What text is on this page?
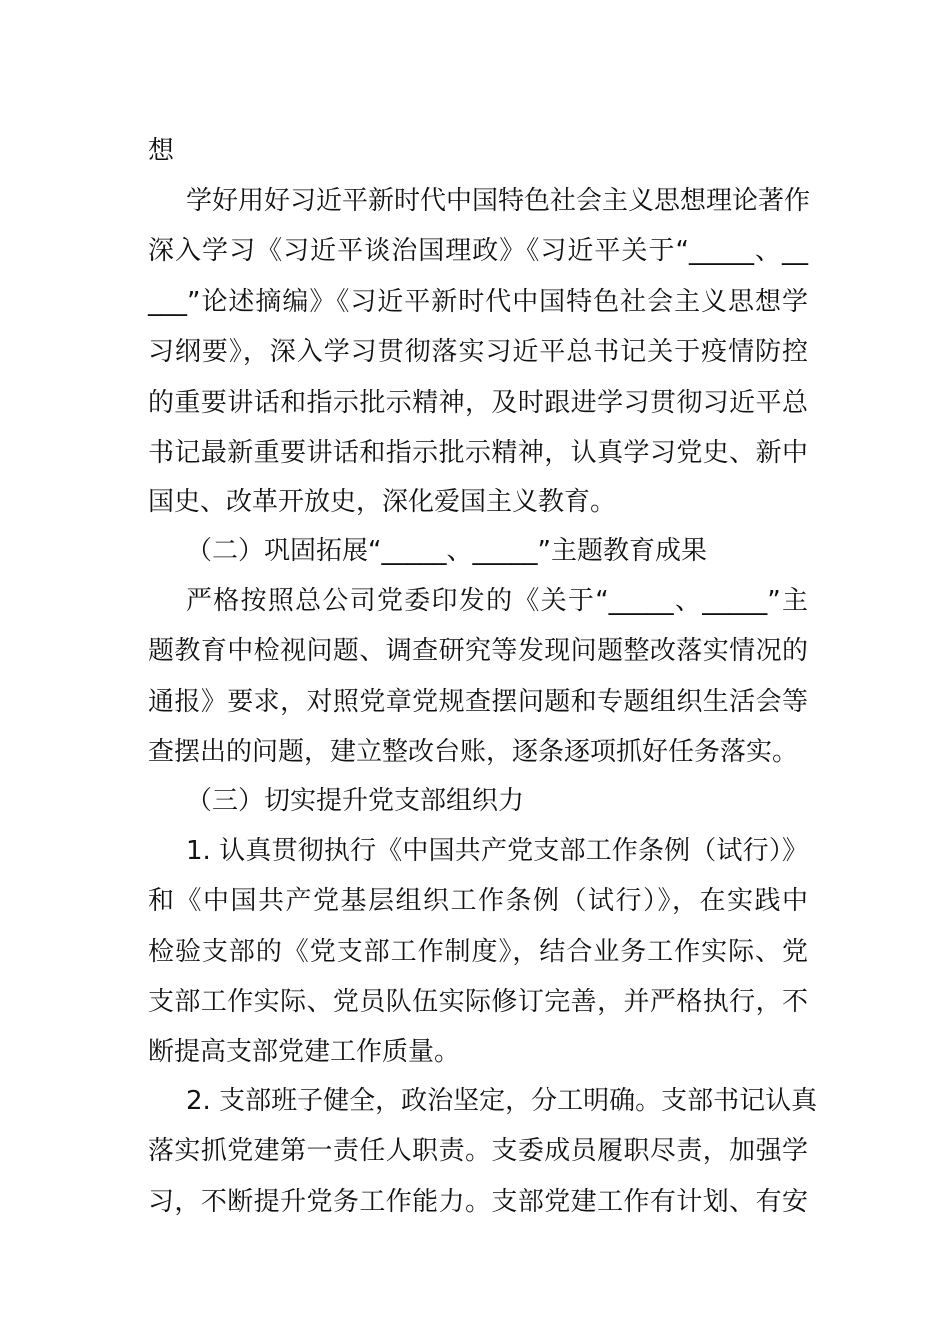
想
学好用好习近平新时代中国特色社会主义思想理论著作
深入学习《习近平谈治国理政》《习近平关于“_____、__
___”论述摘编》《习近平新时代中国特色社会主义思想学
习纲要》，深入学习贯彻落实习近平总书记关于疫情防控
的重要讲话和指示批示精神，及时跟进学习贯彻习近平总
书记最新重要讲话和指示批示精神，认真学习党史、新中
国史、改革开放史，深化爱国主义教育。
（二）巩固拓展“_____、_____”主题教育成果
严格按照总公司党委印发的《关于“_____、_____”主
题教育中检视问题、调查研究等发现问题整改落实情况的
通报》要求，对照党章党规查摆问题和专题组织生活会等
查摆出的问题，建立整改台账，逐条逐项抓好任务落实。
（三）切实提升党支部组织力
1. 认真贯彻执行《中国共产党支部工作条例（试行）》
和《中国共产党基层组织工作条例（试行）》，在实践中
检验支部的《党支部工作制度》，结合业务工作实际、党
支部工作实际、党员队伍实际修订完善，并严格执行，不
断提高支部党建工作质量。
2. 支部班子健全，政治坚定，分工明确。支部书记认真
落实抓党建第一责任人职责。支委成员履职尽责，加强学
习，不断提升党务工作能力。支部党建工作有计划、有安
